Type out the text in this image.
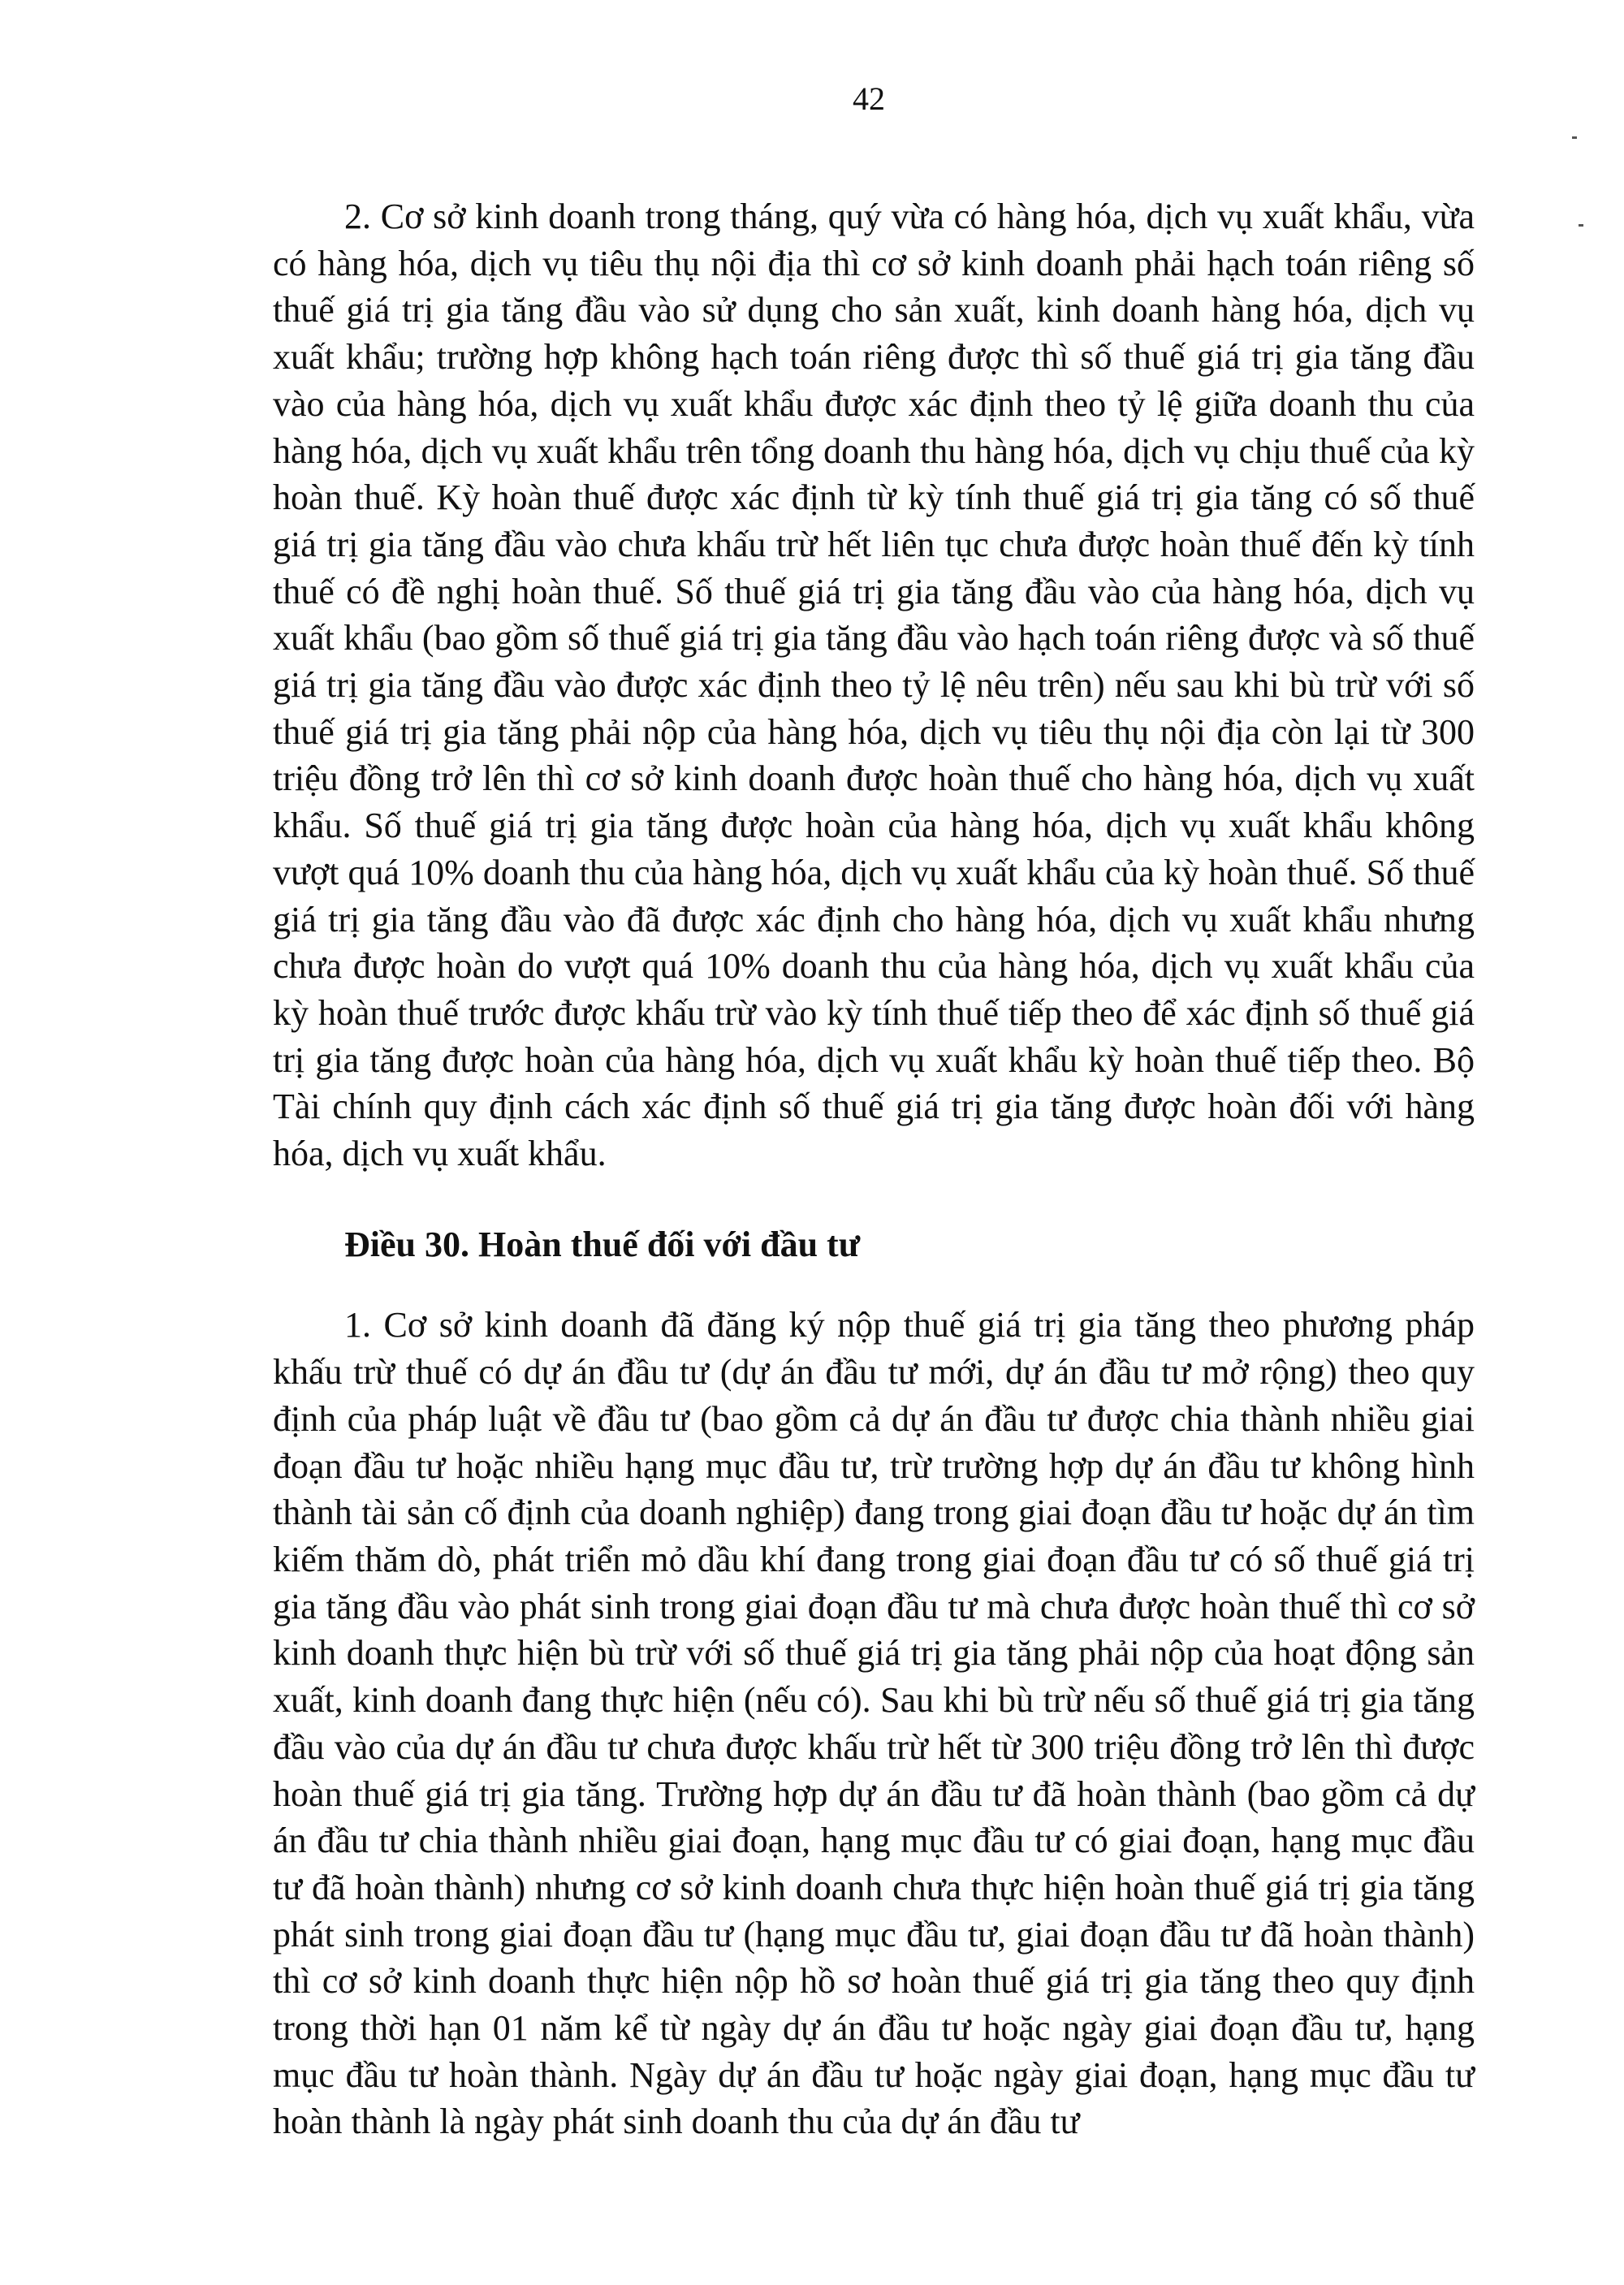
42

2. Cơ sở kinh doanh trong tháng, quý vừa có hàng hóa, dịch vụ xuất khẩu, vừa có hàng hóa, dịch vụ tiêu thụ nội địa thì cơ sở kinh doanh phải hạch toán riêng số thuế giá trị gia tăng đầu vào sử dụng cho sản xuất, kinh doanh hàng hóa, dịch vụ xuất khẩu; trường hợp không hạch toán riêng được thì số thuế giá trị gia tăng đầu vào của hàng hóa, dịch vụ xuất khẩu được xác định theo tỷ lệ giữa doanh thu của hàng hóa, dịch vụ xuất khẩu trên tổng doanh thu hàng hóa, dịch vụ chịu thuế của kỳ hoàn thuế. Kỳ hoàn thuế được xác định từ kỳ tính thuế giá trị gia tăng có số thuế giá trị gia tăng đầu vào chưa khấu trừ hết liên tục chưa được hoàn thuế đến kỳ tính thuế có đề nghị hoàn thuế. Số thuế giá trị gia tăng đầu vào của hàng hóa, dịch vụ xuất khẩu (bao gồm số thuế giá trị gia tăng đầu vào hạch toán riêng được và số thuế giá trị gia tăng đầu vào được xác định theo tỷ lệ nêu trên) nếu sau khi bù trừ với số thuế giá trị gia tăng phải nộp của hàng hóa, dịch vụ tiêu thụ nội địa còn lại từ 300 triệu đồng trở lên thì cơ sở kinh doanh được hoàn thuế cho hàng hóa, dịch vụ xuất khẩu. Số thuế giá trị gia tăng được hoàn của hàng hóa, dịch vụ xuất khẩu không vượt quá 10% doanh thu của hàng hóa, dịch vụ xuất khẩu của kỳ hoàn thuế. Số thuế giá trị gia tăng đầu vào đã được xác định cho hàng hóa, dịch vụ xuất khẩu nhưng chưa được hoàn do vượt quá 10% doanh thu của hàng hóa, dịch vụ xuất khẩu của kỳ hoàn thuế trước được khấu trừ vào kỳ tính thuế tiếp theo để xác định số thuế giá trị gia tăng được hoàn của hàng hóa, dịch vụ xuất khẩu kỳ hoàn thuế tiếp theo. Bộ Tài chính quy định cách xác định số thuế giá trị gia tăng được hoàn đối với hàng hóa, dịch vụ xuất khẩu.

Điều 30. Hoàn thuế đối với đầu tư

1. Cơ sở kinh doanh đã đăng ký nộp thuế giá trị gia tăng theo phương pháp khấu trừ thuế có dự án đầu tư (dự án đầu tư mới, dự án đầu tư mở rộng) theo quy định của pháp luật về đầu tư (bao gồm cả dự án đầu tư được chia thành nhiều giai đoạn đầu tư hoặc nhiều hạng mục đầu tư, trừ trường hợp dự án đầu tư không hình thành tài sản cố định của doanh nghiệp) đang trong giai đoạn đầu tư hoặc dự án tìm kiếm thăm dò, phát triển mỏ dầu khí đang trong giai đoạn đầu tư có số thuế giá trị gia tăng đầu vào phát sinh trong giai đoạn đầu tư mà chưa được hoàn thuế thì cơ sở kinh doanh thực hiện bù trừ với số thuế giá trị gia tăng phải nộp của hoạt động sản xuất, kinh doanh đang thực hiện (nếu có). Sau khi bù trừ nếu số thuế giá trị gia tăng đầu vào của dự án đầu tư chưa được khấu trừ hết từ 300 triệu đồng trở lên thì được hoàn thuế giá trị gia tăng. Trường hợp dự án đầu tư đã hoàn thành (bao gồm cả dự án đầu tư chia thành nhiều giai đoạn, hạng mục đầu tư có giai đoạn, hạng mục đầu tư đã hoàn thành) nhưng cơ sở kinh doanh chưa thực hiện hoàn thuế giá trị gia tăng phát sinh trong giai đoạn đầu tư (hạng mục đầu tư, giai đoạn đầu tư đã hoàn thành) thì cơ sở kinh doanh thực hiện nộp hồ sơ hoàn thuế giá trị gia tăng theo quy định trong thời hạn 01 năm kể từ ngày dự án đầu tư hoặc ngày giai đoạn đầu tư, hạng mục đầu tư hoàn thành. Ngày dự án đầu tư hoặc ngày giai đoạn, hạng mục đầu tư hoàn thành là ngày phát sinh doanh thu của dự án đầu tư
